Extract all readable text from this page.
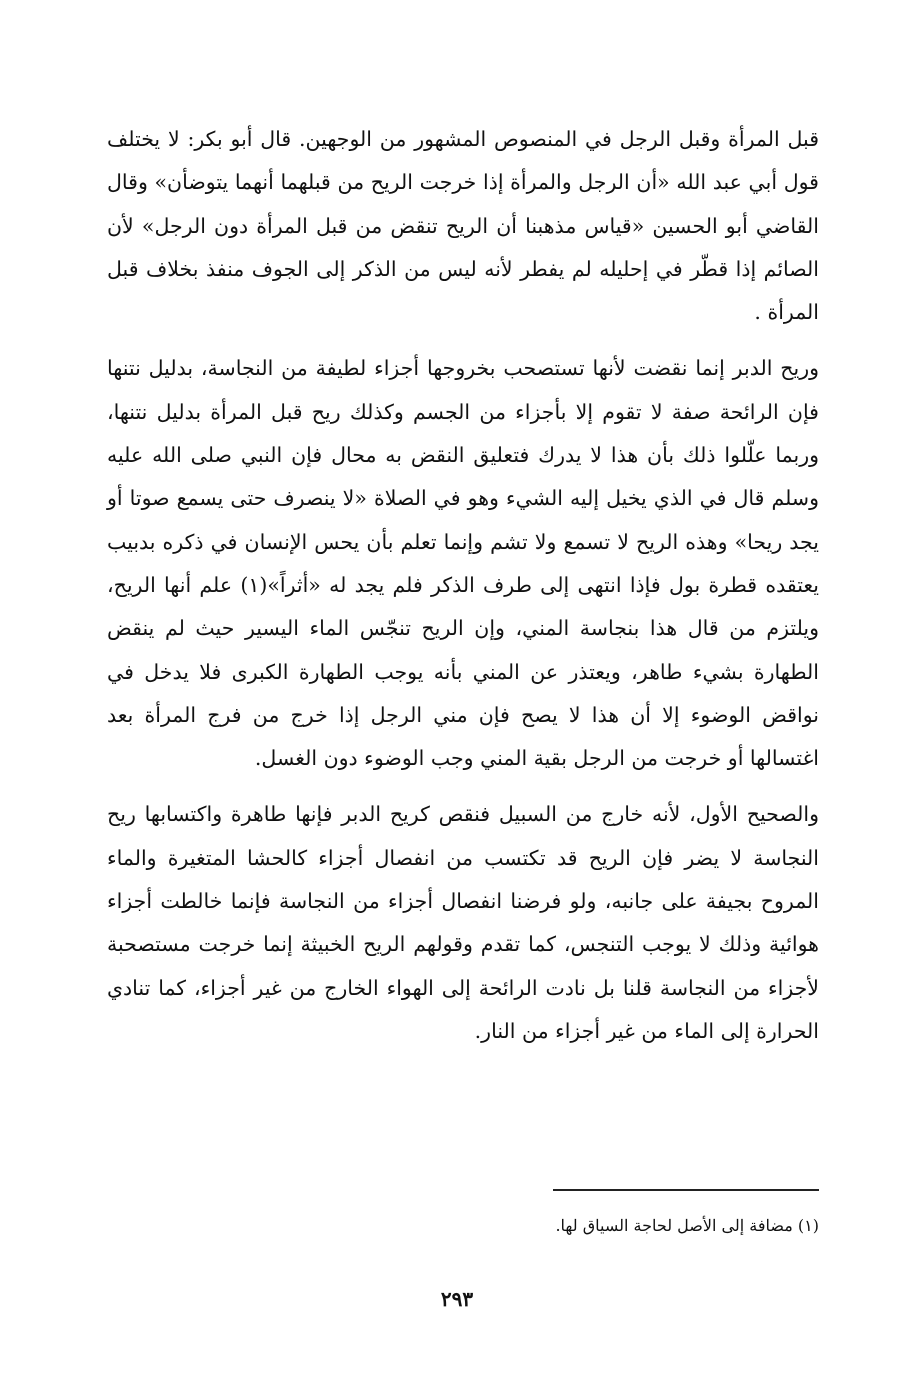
قبل المرأة وقبل الرجل في المنصوص المشهور من الوجهين. قال أبو بكر: لا يختلف قول أبي عبد الله «أن الرجل والمرأة إذا خرجت الريح من قبلهما أنهما يتوضأن» وقال القاضي أبو الحسين «قياس مذهبنا أن الريح تنقض من قبل المرأة دون الرجل» لأن الصائم إذا قطّر في إحليله لم يفطر لأنه ليس من الذكر إلى الجوف منفذ بخلاف قبل المرأة .

وريح الدبر إنما نقضت لأنها تستصحب بخروجها أجزاء لطيفة من النجاسة، بدليل نتنها فإن الرائحة صفة لا تقوم إلا بأجزاء من الجسم وكذلك ريح قبل المرأة بدليل نتنها، وربما علّلوا ذلك بأن هذا لا يدرك فتعليق النقض به محال فإن النبي صلى الله عليه وسلم قال في الذي يخيل إليه الشيء وهو في الصلاة «لا ينصرف حتى يسمع صوتا أو يجد ريحا» وهذه الريح لا تسمع ولا تشم وإنما تعلم بأن يحس الإنسان في ذكره بدبيب يعتقده قطرة بول فإذا انتهى إلى طرف الذكر فلم يجد له «أثراً»(١) علم أنها الريح، ويلتزم من قال هذا بنجاسة المني، وإن الريح تنجّس الماء اليسير حيث لم ينقض الطهارة بشيء طاهر، ويعتذر عن المني بأنه يوجب الطهارة الكبرى فلا يدخل في نواقض الوضوء إلا أن هذا لا يصح فإن مني الرجل إذا خرج من فرج المرأة بعد اغتسالها أو خرجت من الرجل بقية المني وجب الوضوء دون الغسل.

والصحيح الأول، لأنه خارج من السبيل فنقص كريح الدبر فإنها طاهرة واكتسابها ريح النجاسة لا يضر فإن الريح قد تكتسب من انفصال أجزاء كالحشا المتغيرة والماء المروح بجيفة على جانبه، ولو فرضنا انفصال أجزاء من النجاسة فإنما خالطت أجزاء هوائية وذلك لا يوجب التنجس، كما تقدم وقولهم الريح الخبيثة إنما خرجت مستصحبة لأجزاء من النجاسة قلنا بل نادت الرائحة إلى الهواء الخارج من غير أجزاء، كما تنادي الحرارة إلى الماء من غير أجزاء من النار.

(١) مضافة إلى الأصل لحاجة السياق لها.
٢٩٣
